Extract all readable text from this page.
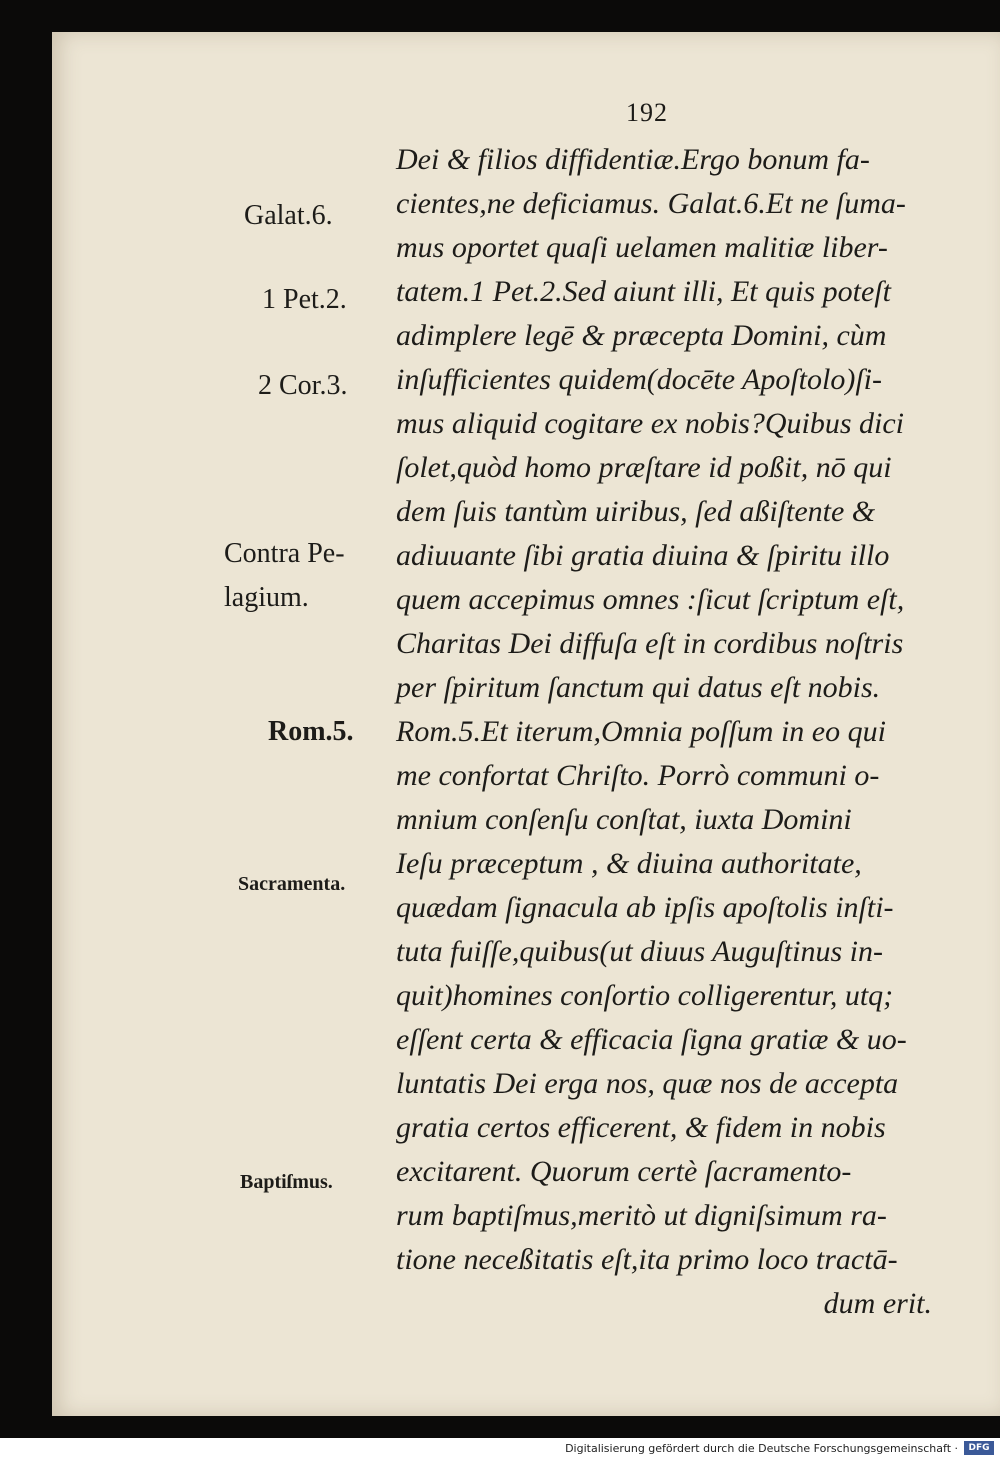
192
Galat.6.
1 Pet.2.
2 Cor.3.
Contra Pe-
lagium.
Rom.5.
Sacramenta.
Baptiſmus.
Dei & filios diffidentiæ.Ergo bonum fa-
cientes,ne deficiamus. Galat.6.Et ne ſuma-
mus oportet quaſi uelamen malitiæ liber-
tatem.1 Pet.2.Sed aiunt illi, Et quis poteſt
adimplere legē & præcepta Domini, cùm
inſufficientes quidem(docēte Apoſtolo)ſi-
mus aliquid cogitare ex nobis?Quibus dici
ſolet,quòd homo præſtare id poßit, nō qui
dem ſuis tantùm uiribus, ſed aßiſtente &
adiuuante ſibi gratia diuina & ſpiritu illo
quem accepimus omnes :ſicut ſcriptum eſt,
Charitas Dei diffuſa eſt in cordibus noſtris
per ſpiritum ſanctum qui datus eſt nobis.
Rom.5.Et iterum,Omnia poſſum in eo qui
me confortat Chriſto. Porrò communi o-
mnium conſenſu conſtat, iuxta Domini
Ieſu præceptum , & diuina authoritate,
quædam ſignacula ab ipſis apoſtolis inſti-
tuta fuiſſe,quibus(ut diuus Auguſtinus in-
quit)homines conſortio colligerentur, utq;
eſſent certa & efficacia ſigna gratiæ & uo-
luntatis Dei erga nos, quæ nos de accepta
gratia certos efficerent, & fidem in nobis
excitarent. Quorum certè ſacramento-
rum baptiſmus,meritò ut digniſsimum ra-
tione neceßitatis eſt,ita primo loco tractā-
dum erit.
Digitalisierung gefördert durch die Deutsche Forschungsgemeinschaft ·	DFG
